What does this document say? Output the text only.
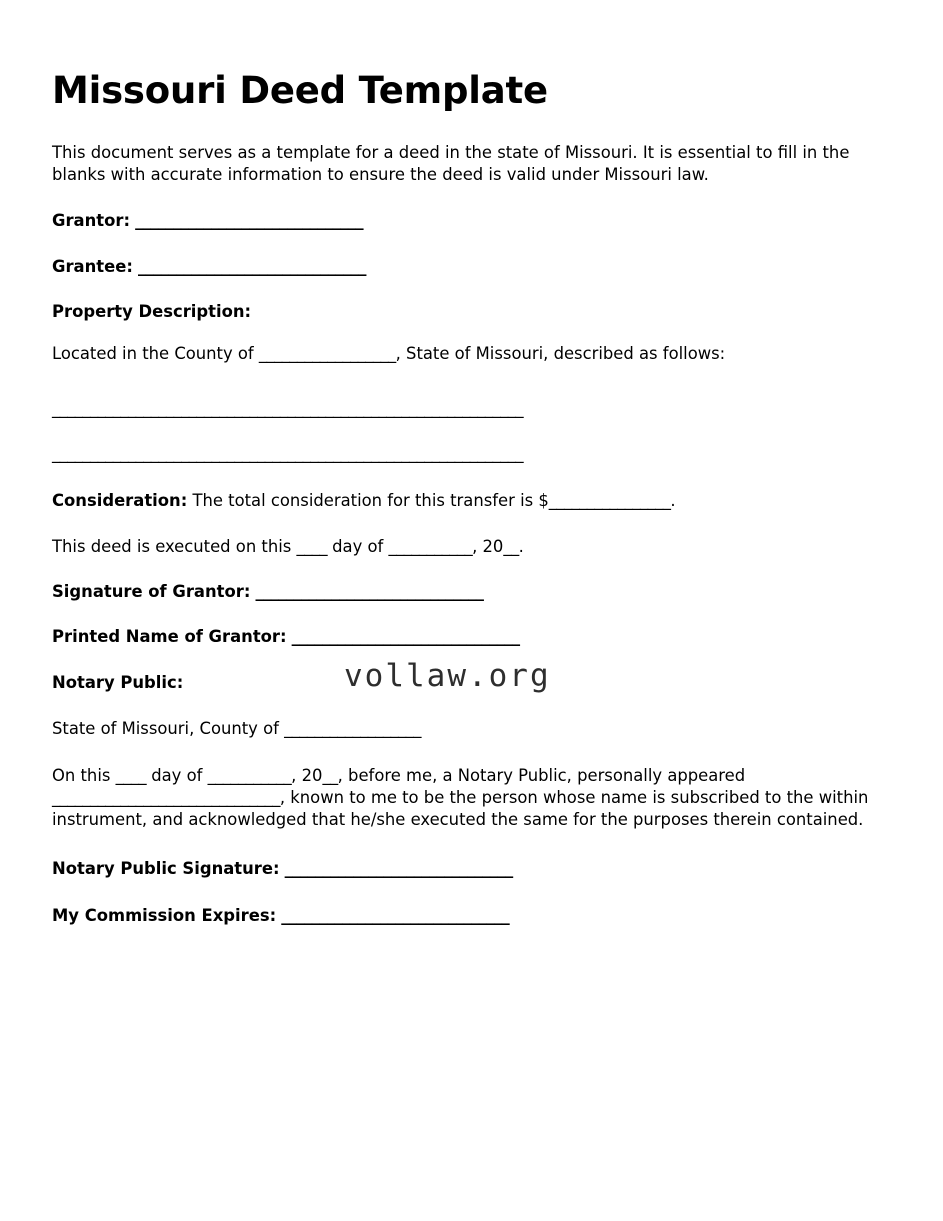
Missouri Deed Template

This document serves as a template for a deed in the state of Missouri. It is essential to fill in the blanks with accurate information to ensure the deed is valid under Missouri law.

Grantor: ______________________________
Grantee: ______________________________
Property Description:
Located in the County of __________________, State of Missouri, described as follows:
______________________________________________________________
______________________________________________________________
Consideration: The total consideration for this transfer is $________________.
This deed is executed on this ____ day of ___________, 20__.
Signature of Grantor: ______________________________
Printed Name of Grantor: ______________________________
Notary Public:	vollaw.org
State of Missouri, County of __________________

On this ____ day of ___________, 20__, before me, a Notary Public, personally appeared ______________________________, known to me to be the person whose name is subscribed to the within instrument, and acknowledged that he/she executed the same for the purposes therein contained.

Notary Public Signature: ______________________________
My Commission Expires: ______________________________
